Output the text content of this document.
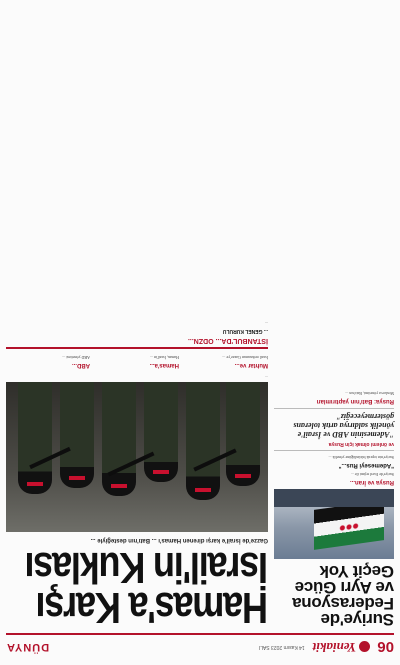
06
Yeniakit
14 Kasım 2023 SALI
DÜNYA
Suriye'de Federasyona
ve Ayrı Güce Geçit Yok
Rusya ve İran...

Suriye'de Esed rejimi ile ...

"Ademeseyi Rus..."

Suriye'nin toprak bütünlüğüne yönelik ...

ve önlemi olmak için Rusya
"Ademesinin ABD ve İsrail'e yönelik saldırıya artık tolerans göstermeyeceğiz"
Rusya: Batı'nın yaptırımları

Moskova yönetimi, Batı'nın ...

Hamas'a Karşı
İsrail'in Kuklası
Gazze'de İsrail'e karşı direnen Hamas'ı ... Batı'nın desteğiyle ...
...
Muhtar ve...

İsrail ordusunun Gazze'ye ...

Hamas'a...

Hamas, İsrail'in ...

ABD...

ABD yönetimi ...

İSTANBUL'DA... ODZN...
... GENEL KURULU

...
